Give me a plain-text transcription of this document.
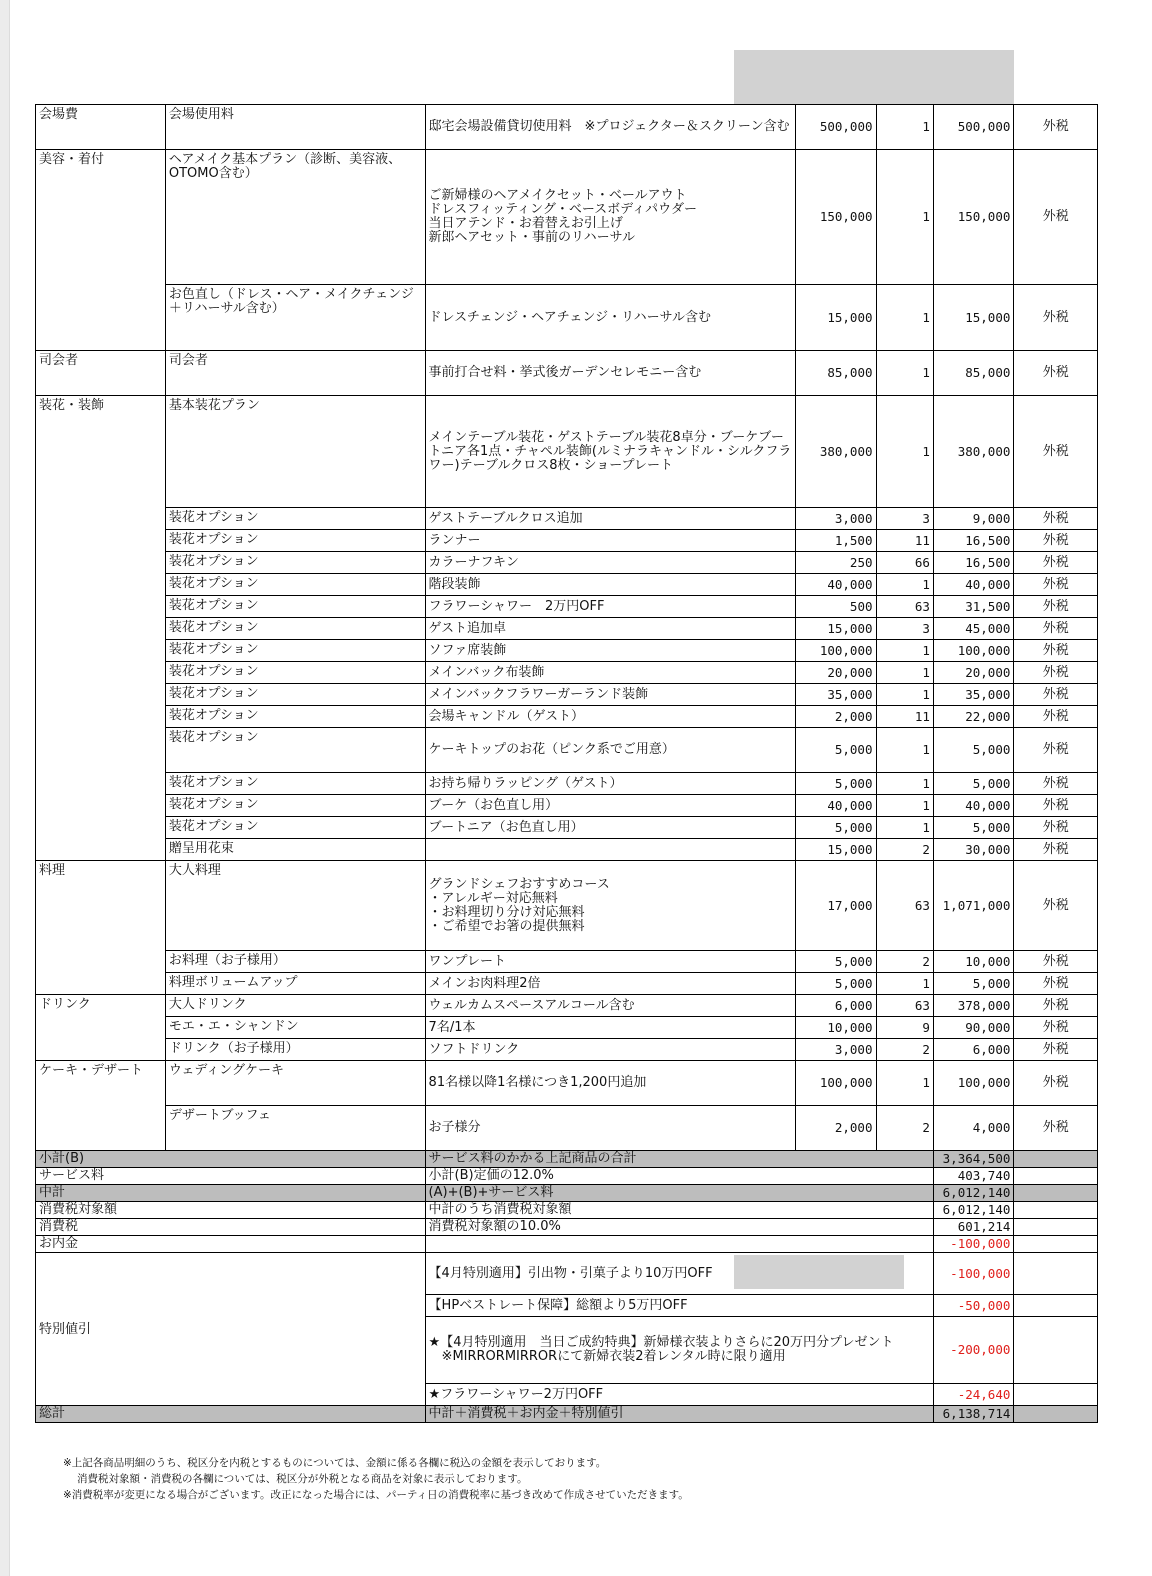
会場費	会場使用料	邸宅会場設備貸切使用料　※プロジェクター＆スクリーン含む	500,000	1	500,000	外税
美容・着付	ヘアメイク基本プラン（診断、美容液、OTOMO含む）	ご新婦様のヘアメイクセット・ベールアウト
ドレスフィッティング・ベースボディパウダー
当日アテンド・お着替えお引上げ
新郎ヘアセット・事前のリハーサル	150,000	1	150,000	外税
	お色直し（ドレス・ヘア・メイクチェンジ＋リハーサル含む）	ドレスチェンジ・ヘアチェンジ・リハーサル含む	15,000	1	15,000	外税
司会者	司会者	事前打合せ料・挙式後ガーデンセレモニー含む	85,000	1	85,000	外税
装花・装飾	基本装花プラン	メインテーブル装花・ゲストテーブル装花8卓分・ブーケブートニア各1点・チャペル装飾(ルミナラキャンドル・シルクフラワー)テーブルクロス8枚・ショープレート	380,000	1	380,000	外税
	装花オプション	ゲストテーブルクロス追加	3,000	3	9,000	外税
	装花オプション	ランナー	1,500	11	16,500	外税
	装花オプション	カラーナフキン	250	66	16,500	外税
	装花オプション	階段装飾	40,000	1	40,000	外税
	装花オプション	フラワーシャワー　2万円OFF	500	63	31,500	外税
	装花オプション	ゲスト追加卓	15,000	3	45,000	外税
	装花オプション	ソファ席装飾	100,000	1	100,000	外税
	装花オプション	メインバック布装飾	20,000	1	20,000	外税
	装花オプション	メインバックフラワーガーランド装飾	35,000	1	35,000	外税
	装花オプション	会場キャンドル（ゲスト）	2,000	11	22,000	外税
	装花オプション	ケーキトップのお花（ピンク系でご用意）	5,000	1	5,000	外税
	装花オプション	お持ち帰りラッピング（ゲスト）	5,000	1	5,000	外税
	装花オプション	ブーケ（お色直し用）	40,000	1	40,000	外税
	装花オプション	ブートニア（お色直し用）	5,000	1	5,000	外税
	贈呈用花束		15,000	2	30,000	外税
料理	大人料理	グランドシェフおすすめコース
・アレルギー対応無料
・お料理切り分け対応無料
・ご希望でお箸の提供無料	17,000	63	1,071,000	外税
	お料理（お子様用）	ワンプレート	5,000	2	10,000	外税
	料理ボリュームアップ	メインお肉料理2倍	5,000	1	5,000	外税
ドリンク	大人ドリンク	ウェルカムスペースアルコール含む	6,000	63	378,000	外税
	モエ・エ・シャンドン	7名/1本	10,000	9	90,000	外税
	ドリンク（お子様用）	ソフトドリンク	3,000	2	6,000	外税
ケーキ・デザート	ウェディングケーキ	81名様以降1名様につき1,200円追加	100,000	1	100,000	外税
	デザートブッフェ	お子様分	2,000	2	4,000	外税
小計(B)		サービス料のかかる上記商品の合計			3,364,500	
サービス料		小計(B)定価の12.0%			403,740	
中計		(A)+(B)+サービス料			6,012,140	
消費税対象額		中計のうち消費税対象額			6,012,140	
消費税		消費税対象額の10.0%			601,214	
お内金					-100,000	
特別値引		【4月特別適用】引出物・引菓子より10万円OFF			-100,000	
		【HPベストレート保障】総額より5万円OFF			-50,000	
		★【4月特別適用　当日ご成約特典】新婦様衣装よりさらに20万円分プレゼント
　※MIRRORMIRRORにて新婦衣装2着レンタル時に限り適用			-200,000	
		★フラワーシャワー2万円OFF			-24,640	
総計		中計＋消費税＋お内金＋特別値引			6,138,714	
※上記各商品明細のうち、税区分を内税とするものについては、金額に係る各欄に税込の金額を表示しております。
消費税対象額・消費税の各欄については、税区分が外税となる商品を対象に表示しております。
※消費税率が変更になる場合がございます。改正になった場合には、パーティ日の消費税率に基づき改めて作成させていただきます。
